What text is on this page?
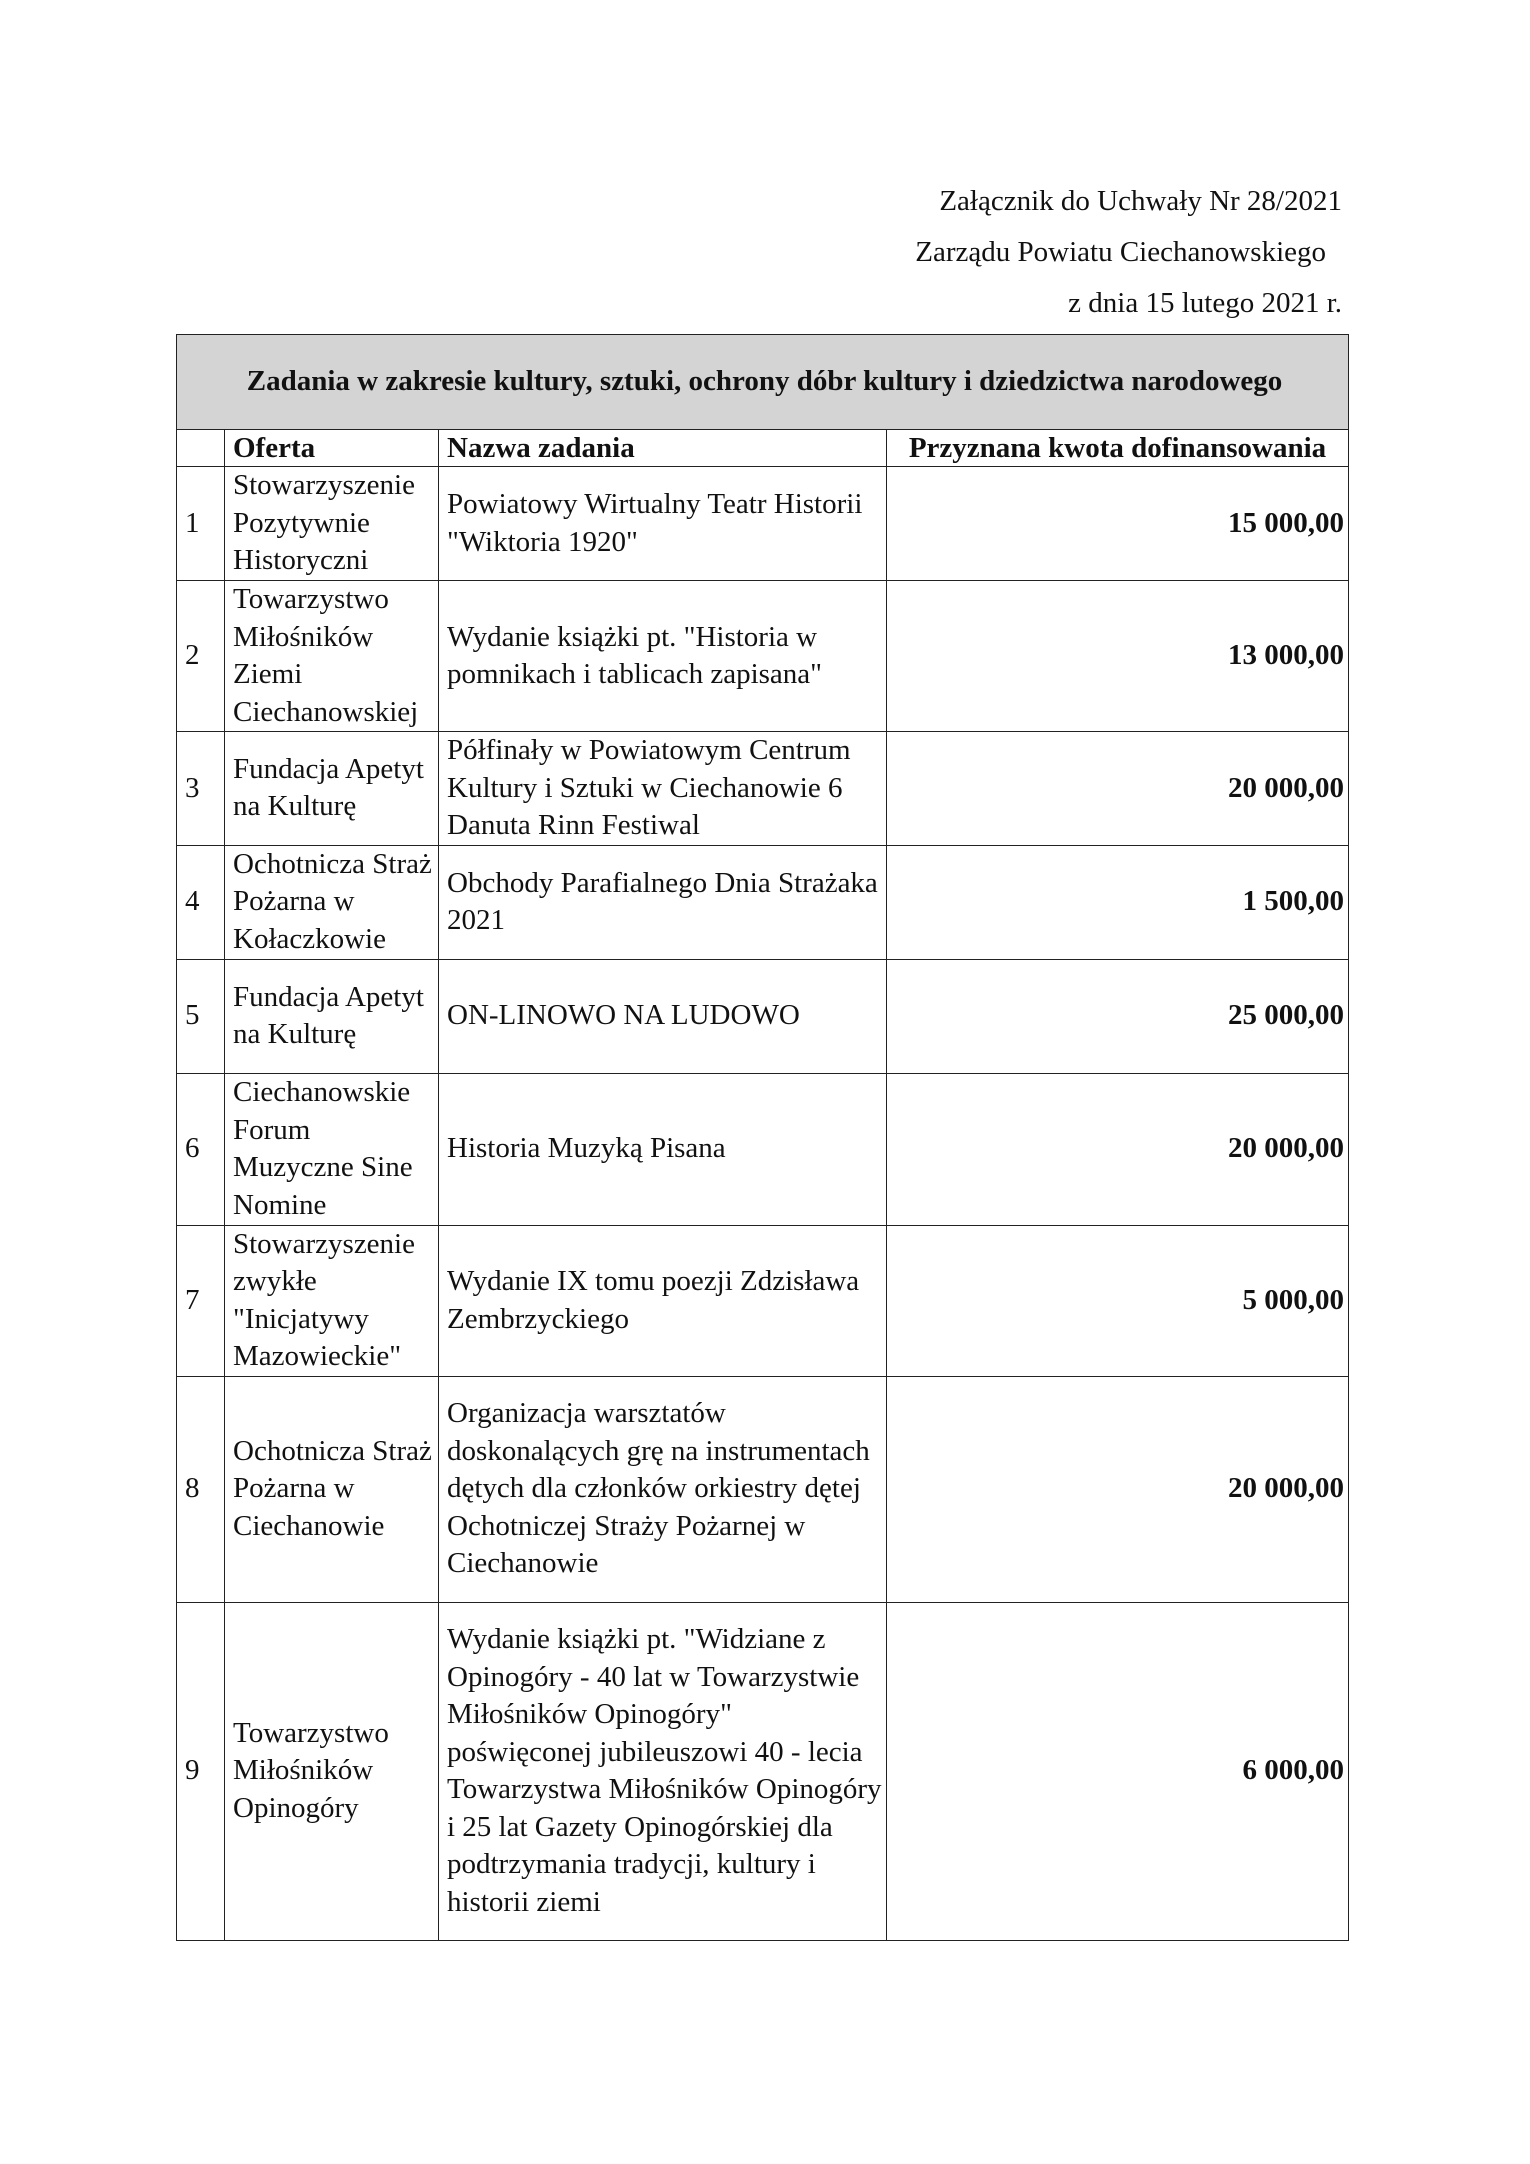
Załącznik do Uchwały Nr 28/2021
Zarządu Powiatu Ciechanowskiego
z dnia 15 lutego 2021 r.
Zadania w zakresie kultury, sztuki, ochrony dóbr kultury i dziedzictwa narodowego			
	Oferta	Nazwa zadania	Przyznana kwota dofinansowania
1	Stowarzyszenie Pozytywnie Historyczni	Powiatowy Wirtualny Teatr Historii "Wiktoria 1920"	15 000,00
2	Towarzystwo Miłośników Ziemi Ciechanowskiej	Wydanie książki pt. "Historia w pomnikach i tablicach zapisana"	13 000,00
3	Fundacja Apetyt na Kulturę	Półfinały w Powiatowym Centrum Kultury i Sztuki w Ciechanowie 6 Danuta Rinn Festiwal	20 000,00
4	Ochotnicza Straż Pożarna w Kołaczkowie	Obchody Parafialnego Dnia Strażaka 2021	1 500,00
5	Fundacja Apetyt na Kulturę	ON-LINOWO NA LUDOWO	25 000,00
6	Ciechanowskie Forum Muzyczne Sine Nomine	Historia Muzyką Pisana	20 000,00
7	Stowarzyszenie zwykłe "Inicjatywy Mazowieckie"	Wydanie IX tomu poezji Zdzisława Zembrzyckiego	5 000,00
8	Ochotnicza Straż Pożarna w Ciechanowie	Organizacja warsztatów doskonalących grę na instrumentach dętych dla członków orkiestry dętej Ochotniczej Straży Pożarnej w Ciechanowie	20 000,00
9	Towarzystwo Miłośników Opinogóry	Wydanie książki pt. "Widziane z Opinogóry - 40 lat w Towarzystwie Miłośników Opinogóry" poświęconej jubileuszowi 40 - lecia Towarzystwa Miłośników Opinogóry i 25 lat Gazety Opinogórskiej dla podtrzymania tradycji, kultury i historii ziemi	6 000,00
